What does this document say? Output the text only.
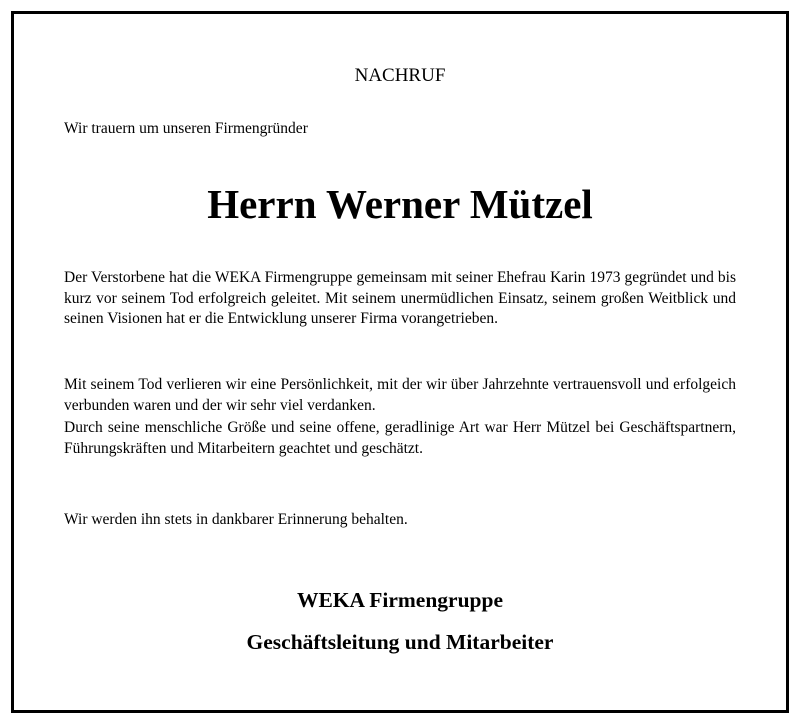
NACHRUF
Wir trauern um unseren Firmengründer
Herrn Werner Mützel

Der Verstorbene hat die WEKA Firmengruppe gemeinsam mit seiner Ehefrau Karin 1973 gegründet und bis kurz vor seinem Tod erfolgreich geleitet. Mit seinem unermüdlichen Einsatz, seinem großen Weitblick und seinen Visionen hat er die Entwicklung unserer Firma vorangetrieben.

Mit seinem Tod verlieren wir eine Persönlichkeit, mit der wir über Jahrzehnte vertrauensvoll und erfolgeich verbunden waren und der wir sehr viel verdanken.

Durch seine menschliche Größe und seine offene, geradlinige Art war Herr Mützel bei Geschäftspartnern, Führungskräften und Mitarbeitern geachtet und geschätzt.

Wir werden ihn stets in dankbarer Erinnerung behalten.
WEKA Firmengruppe
Geschäftsleitung und Mitarbeiter
